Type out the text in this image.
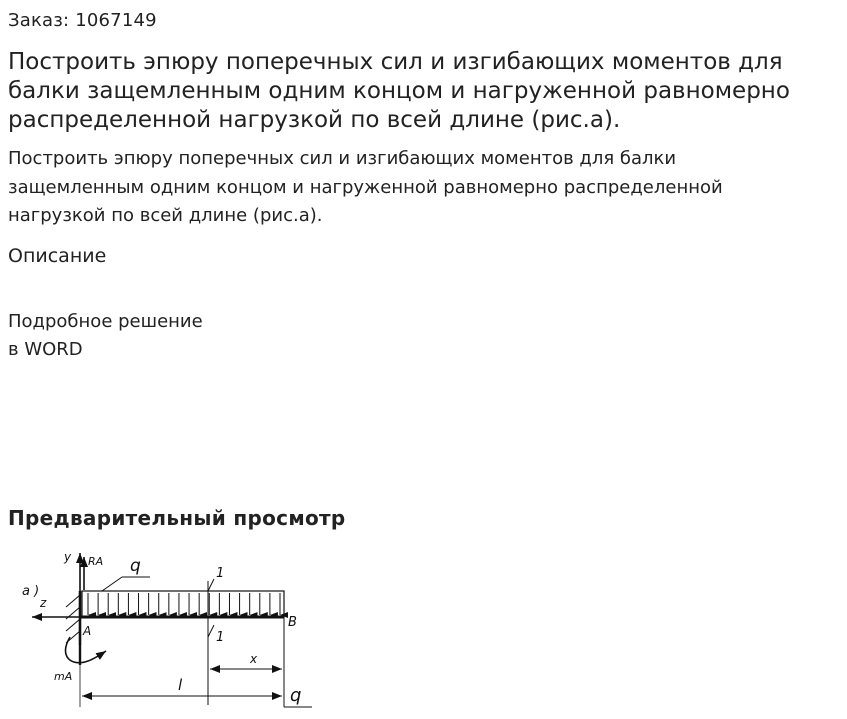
Заказ: 1067149
Построить эпюру поперечных сил и изгибающих моментов для балки защемленным одним концом и нагруженной равномерно распределенной нагрузкой по всей длине (рис.а).
Построить эпюру поперечных сил и изгибающих моментов для балки защемленным одним концом и нагруженной равномерно распределенной нагрузкой по всей длине (рис.а).
Описание
Подробное решение
в WORD
Предварительный просмотр
а )
z
y RA q	1
1
A
B
mA
x
l	q
